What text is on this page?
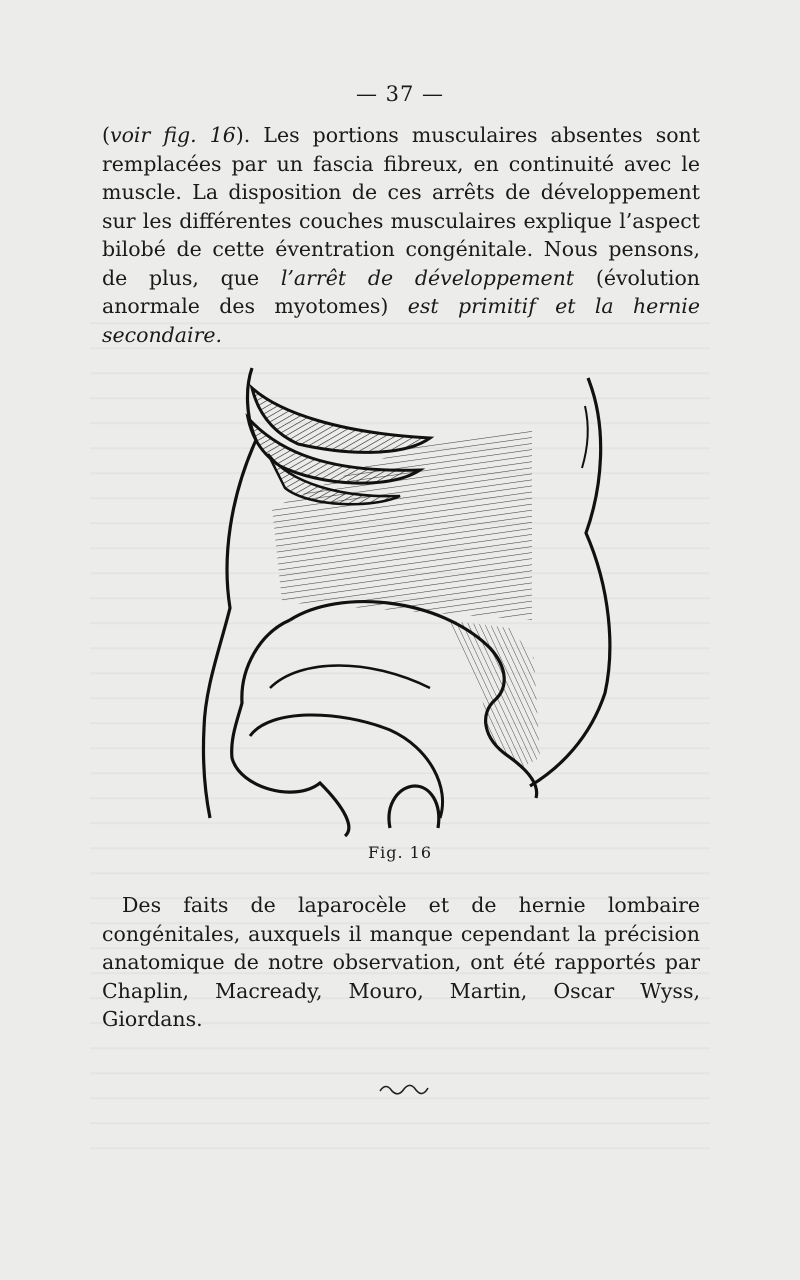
— 37 —

(voir fig. 16). Les portions musculaires absentes sont remplacées par un fascia fibreux, en continuité avec le muscle. La disposition de ces arrêts de développement sur les différentes couches musculaires explique l’aspect bilobé de cette éventration congénitale. Nous pensons, de plus, que l’arrêt de développement (évolution anormale des myotomes) est primitif et la hernie secondaire.

Fig. 16

Des faits de laparocèle et de hernie lombaire congénitales, auxquels il manque cependant la précision anatomique de notre observation, ont été rapportés par Chaplin, Macready, Mouro, Martin, Oscar Wyss, Giordans.
